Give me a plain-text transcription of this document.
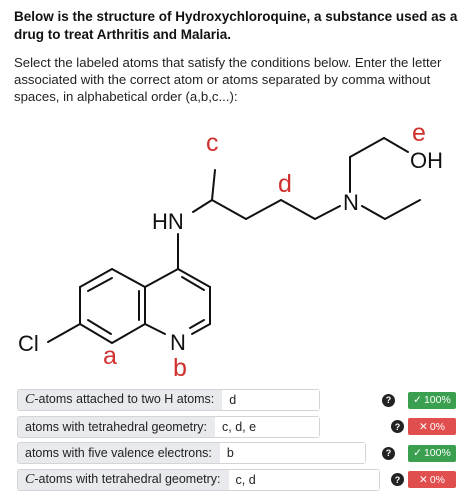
Below is the structure of Hydroxychloroquine, a substance used as a drug to treat Arthritis and Malaria.
Select the labeled atoms that satisfy the conditions below. Enter the letter associated with the correct atom or atoms separated by comma without spaces, in alphabetical order (a,b,c...):
Cl
HN
N
N
OH
a b
c
d
e
C-atoms attached to two H atoms:
d	?	✓ 100%
atoms with tetrahedral geometry:
c, d, e	?	✕ 0%
atoms with five valence electrons:
b	?	✓ 100%
C-atoms with tetrahedral geometry:
c, d	?	✕ 0%
